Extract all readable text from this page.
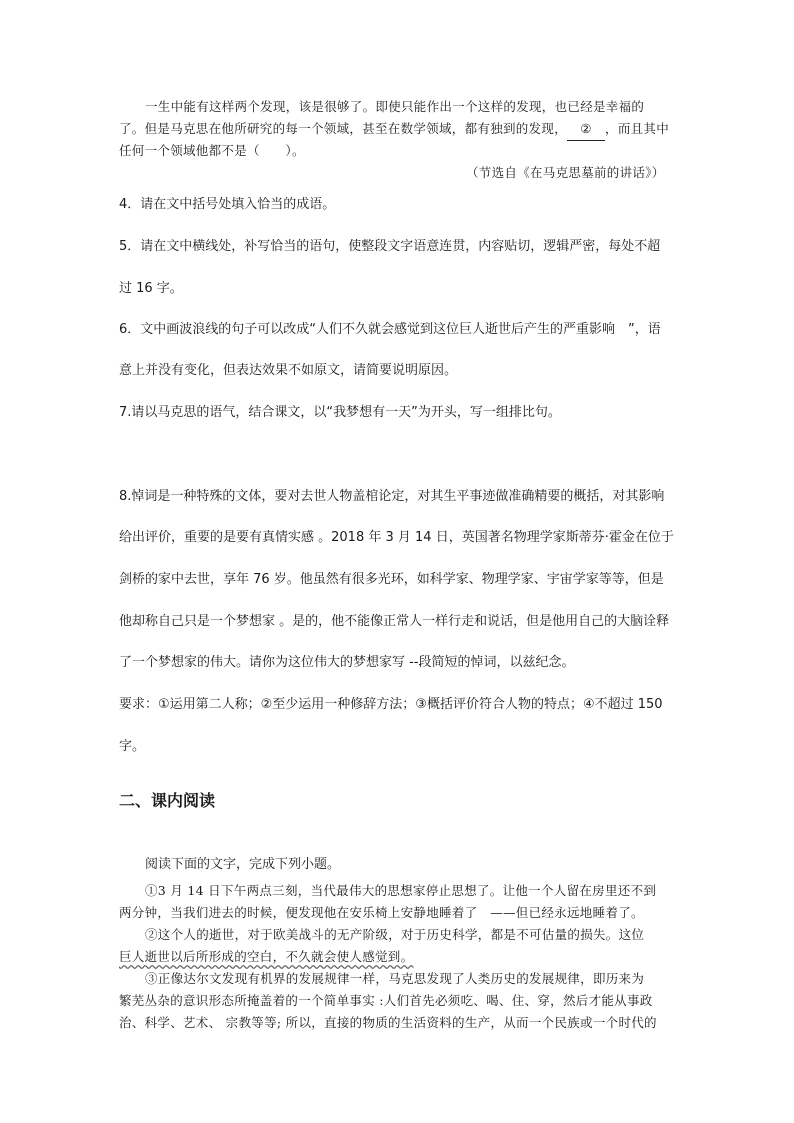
一生中能有这样两个发现，该是很够了。即使只能作出一个这样的发现，也已经是幸福的
了。但是马克思在他所研究的每一个领域，甚至在数学领域，都有独到的发现， ② ，而且其中
任何一个领域他都不是（　　）。
（节选自《在马克思墓前的讲话》）
4．请在文中括号处填入恰当的成语。
5．请在文中横线处，补写恰当的语句，使整段文字语意连贯，内容贴切，逻辑严密，每处不超
过 16 字。
6．文中画波浪线的句子可以改成“人们不久就会感觉到这位巨人逝世后产生的严重影响　”，语
意上并没有变化，但表达效果不如原文，请简要说明原因。
7.请以马克思的语气，结合课文，以“我梦想有一天”为开头，写一组排比句。
8.悼词是一种特殊的文体，要对去世人物盖棺论定，对其生平事迹做准确精要的概括，对其影响
给出评价，重要的是要有真情实感 。2018 年 3 月 14 日，英国著名物理学家斯蒂芬·霍金在位于
剑桥的家中去世，享年 76 岁。他虽然有很多光环，如科学家、物理学家、宇宙学家等等，但是
他却称自己只是一个梦想家 。是的，他不能像正常人一样行走和说话，但是他用自己的大脑诠释
了一个梦想家的伟大。请你为这位伟大的梦想家写 --段简短的悼词，以兹纪念。
要求：①运用第二人称；②至少运用一种修辞方法；③概括评价符合人物的特点；④不超过 150
字。
二、课内阅读
阅读下面的文字，完成下列小题。
①3 月 14 日下午两点三刻，当代最伟大的思想家停止思想了。让他一个人留在房里还不到
两分钟，当我们进去的时候，便发现他在安乐椅上安静地睡着了　——但已经永远地睡着了。
②这个人的逝世，对于欧美战斗的无产阶级，对于历史科学，都是不可估量的损失。这位
巨人逝世以后所形成的空白，不久就会使人感觉到。
③正像达尔文发现有机界的发展规律一样，马克思发现了人类历史的发展规律，即历来为
繁芜丛杂的意识形态所掩盖着的一个简单事实 :人们首先必须吃、喝、住、穿，然后才能从事政
治、科学、艺术、 宗教等等; 所以，直接的物质的生活资料的生产，从而一个民族或一个时代的
